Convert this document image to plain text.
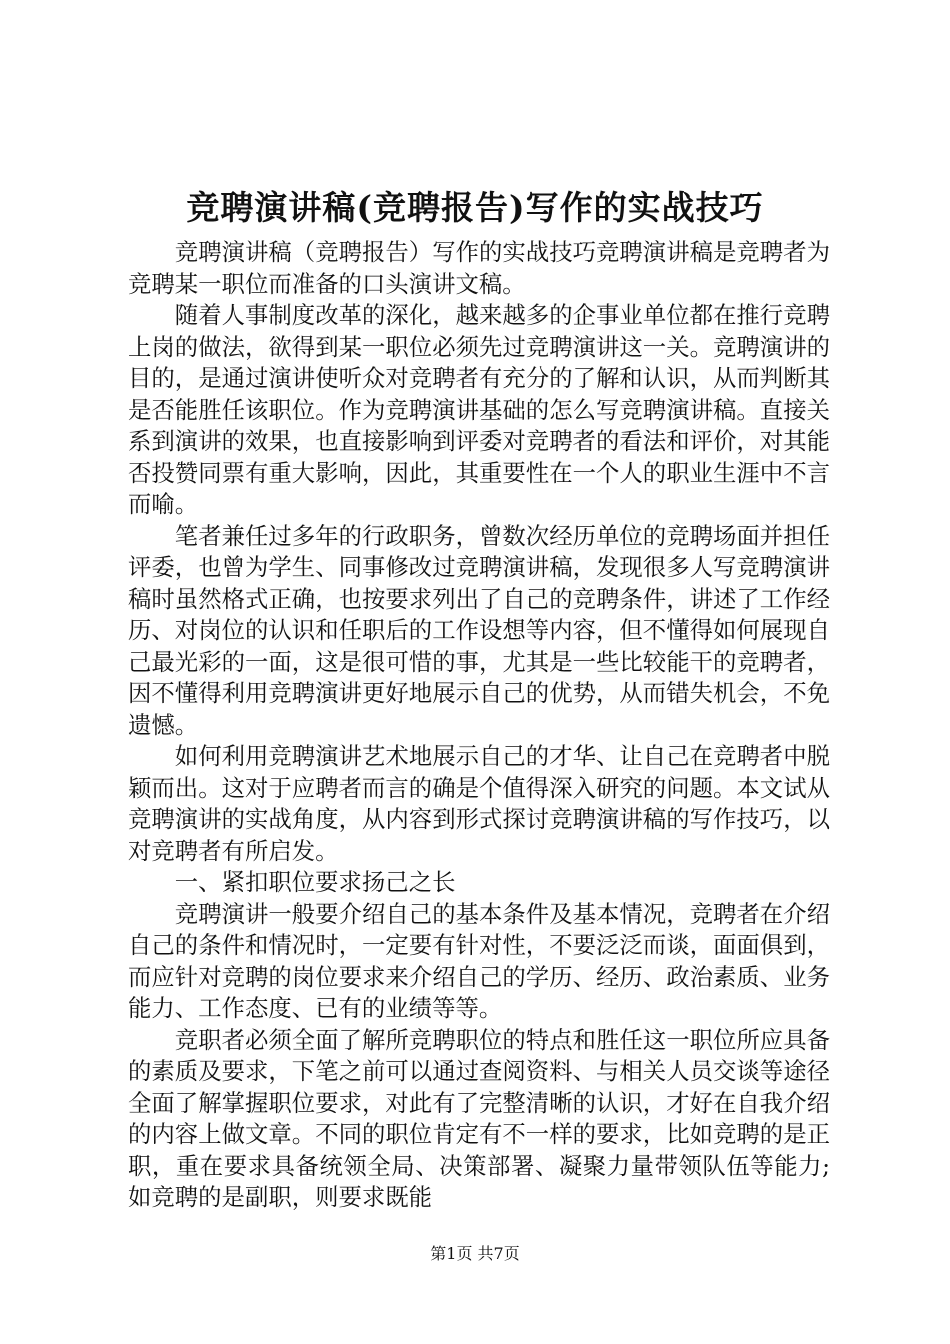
竞聘演讲稿(竞聘报告)写作的实战技巧

竞聘演讲稿（竞聘报告）写作的实战技巧竞聘演讲稿是竞聘者为竞聘某一职位而准备的口头演讲文稿。

随着人事制度改革的深化，越来越多的企事业单位都在推行竞聘上岗的做法，欲得到某一职位必须先过竞聘演讲这一关。竞聘演讲的目的，是通过演讲使听众对竞聘者有充分的了解和认识，从而判断其是否能胜任该职位。作为竞聘演讲基础的怎么写竞聘演讲稿。直接关系到演讲的效果，也直接影响到评委对竞聘者的看法和评价，对其能否投赞同票有重大影响，因此，其重要性在一个人的职业生涯中不言而喻。

笔者兼任过多年的行政职务，曾数次经历单位的竞聘场面并担任评委，也曾为学生、同事修改过竞聘演讲稿，发现很多人写竞聘演讲稿时虽然格式正确，也按要求列出了自己的竞聘条件，讲述了工作经历、对岗位的认识和任职后的工作设想等内容，但不懂得如何展现自己最光彩的一面，这是很可惜的事，尤其是一些比较能干的竞聘者，因不懂得利用竞聘演讲更好地展示自己的优势，从而错失机会，不免遗憾。

如何利用竞聘演讲艺术地展示自己的才华、让自己在竞聘者中脱颖而出。这对于应聘者而言的确是个值得深入研究的问题。本文试从竞聘演讲的实战角度，从内容到形式探讨竞聘演讲稿的写作技巧，以对竞聘者有所启发。

一、紧扣职位要求扬己之长

竞聘演讲一般要介绍自己的基本条件及基本情况，竞聘者在介绍自己的条件和情况时，一定要有针对性，不要泛泛而谈，面面俱到，而应针对竞聘的岗位要求来介绍自己的学历、经历、政治素质、业务能力、工作态度、已有的业绩等等。

竞职者必须全面了解所竞聘职位的特点和胜任这一职位所应具备的素质及要求，下笔之前可以通过查阅资料、与相关人员交谈等途径全面了解掌握职位要求，对此有了完整清晰的认识，才好在自我介绍的内容上做文章。不同的职位肯定有不一样的要求，比如竞聘的是正职，重在要求具备统领全局、决策部署、凝聚力量带领队伍等能力;如竞聘的是副职，则要求既能

第1页 共7页
